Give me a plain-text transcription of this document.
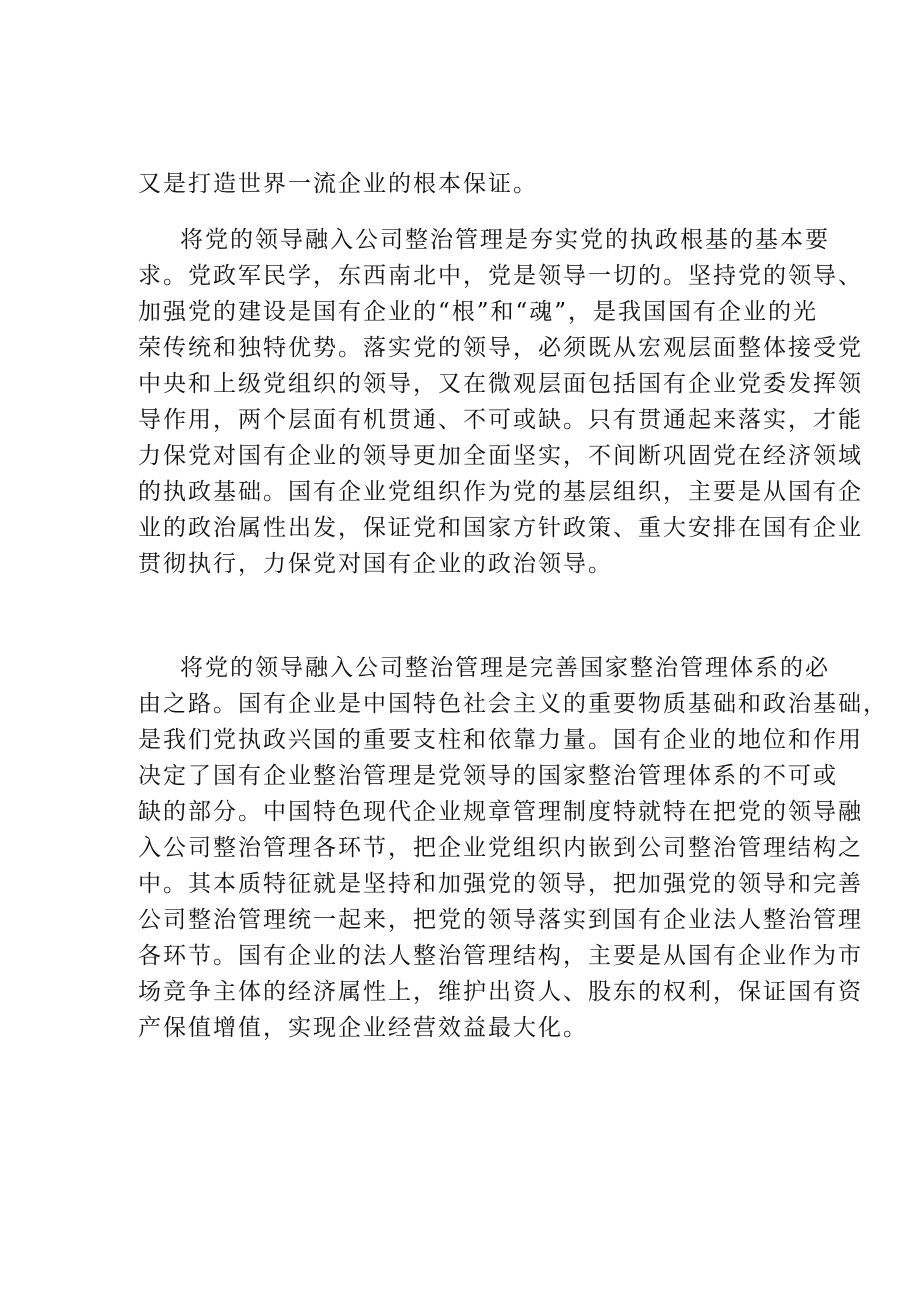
又是打造世界一流企业的根本保证。
将党的领导融入公司整治管理是夯实党的执政根基的基本要
求。党政军民学，东西南北中，党是领导一切的。坚持党的领导、
加强党的建设是国有企业的“根”和“魂”，是我国国有企业的光
荣传统和独特优势。落实党的领导，必须既从宏观层面整体接受党
中央和上级党组织的领导，又在微观层面包括国有企业党委发挥领
导作用，两个层面有机贯通、不可或缺。只有贯通起来落实，才能
力保党对国有企业的领导更加全面坚实，不间断巩固党在经济领域
的执政基础。国有企业党组织作为党的基层组织，主要是从国有企
业的政治属性出发，保证党和国家方针政策、重大安排在国有企业
贯彻执行，力保党对国有企业的政治领导。
将党的领导融入公司整治管理是完善国家整治管理体系的必
由之路。国有企业是中国特色社会主义的重要物质基础和政治基础，
是我们党执政兴国的重要支柱和依靠力量。国有企业的地位和作用
决定了国有企业整治管理是党领导的国家整治管理体系的不可或
缺的部分。中国特色现代企业规章管理制度特就特在把党的领导融
入公司整治管理各环节，把企业党组织内嵌到公司整治管理结构之
中。其本质特征就是坚持和加强党的领导，把加强党的领导和完善
公司整治管理统一起来，把党的领导落实到国有企业法人整治管理
各环节。国有企业的法人整治管理结构，主要是从国有企业作为市
场竞争主体的经济属性上，维护出资人、股东的权利，保证国有资
产保值增值，实现企业经营效益最大化。
